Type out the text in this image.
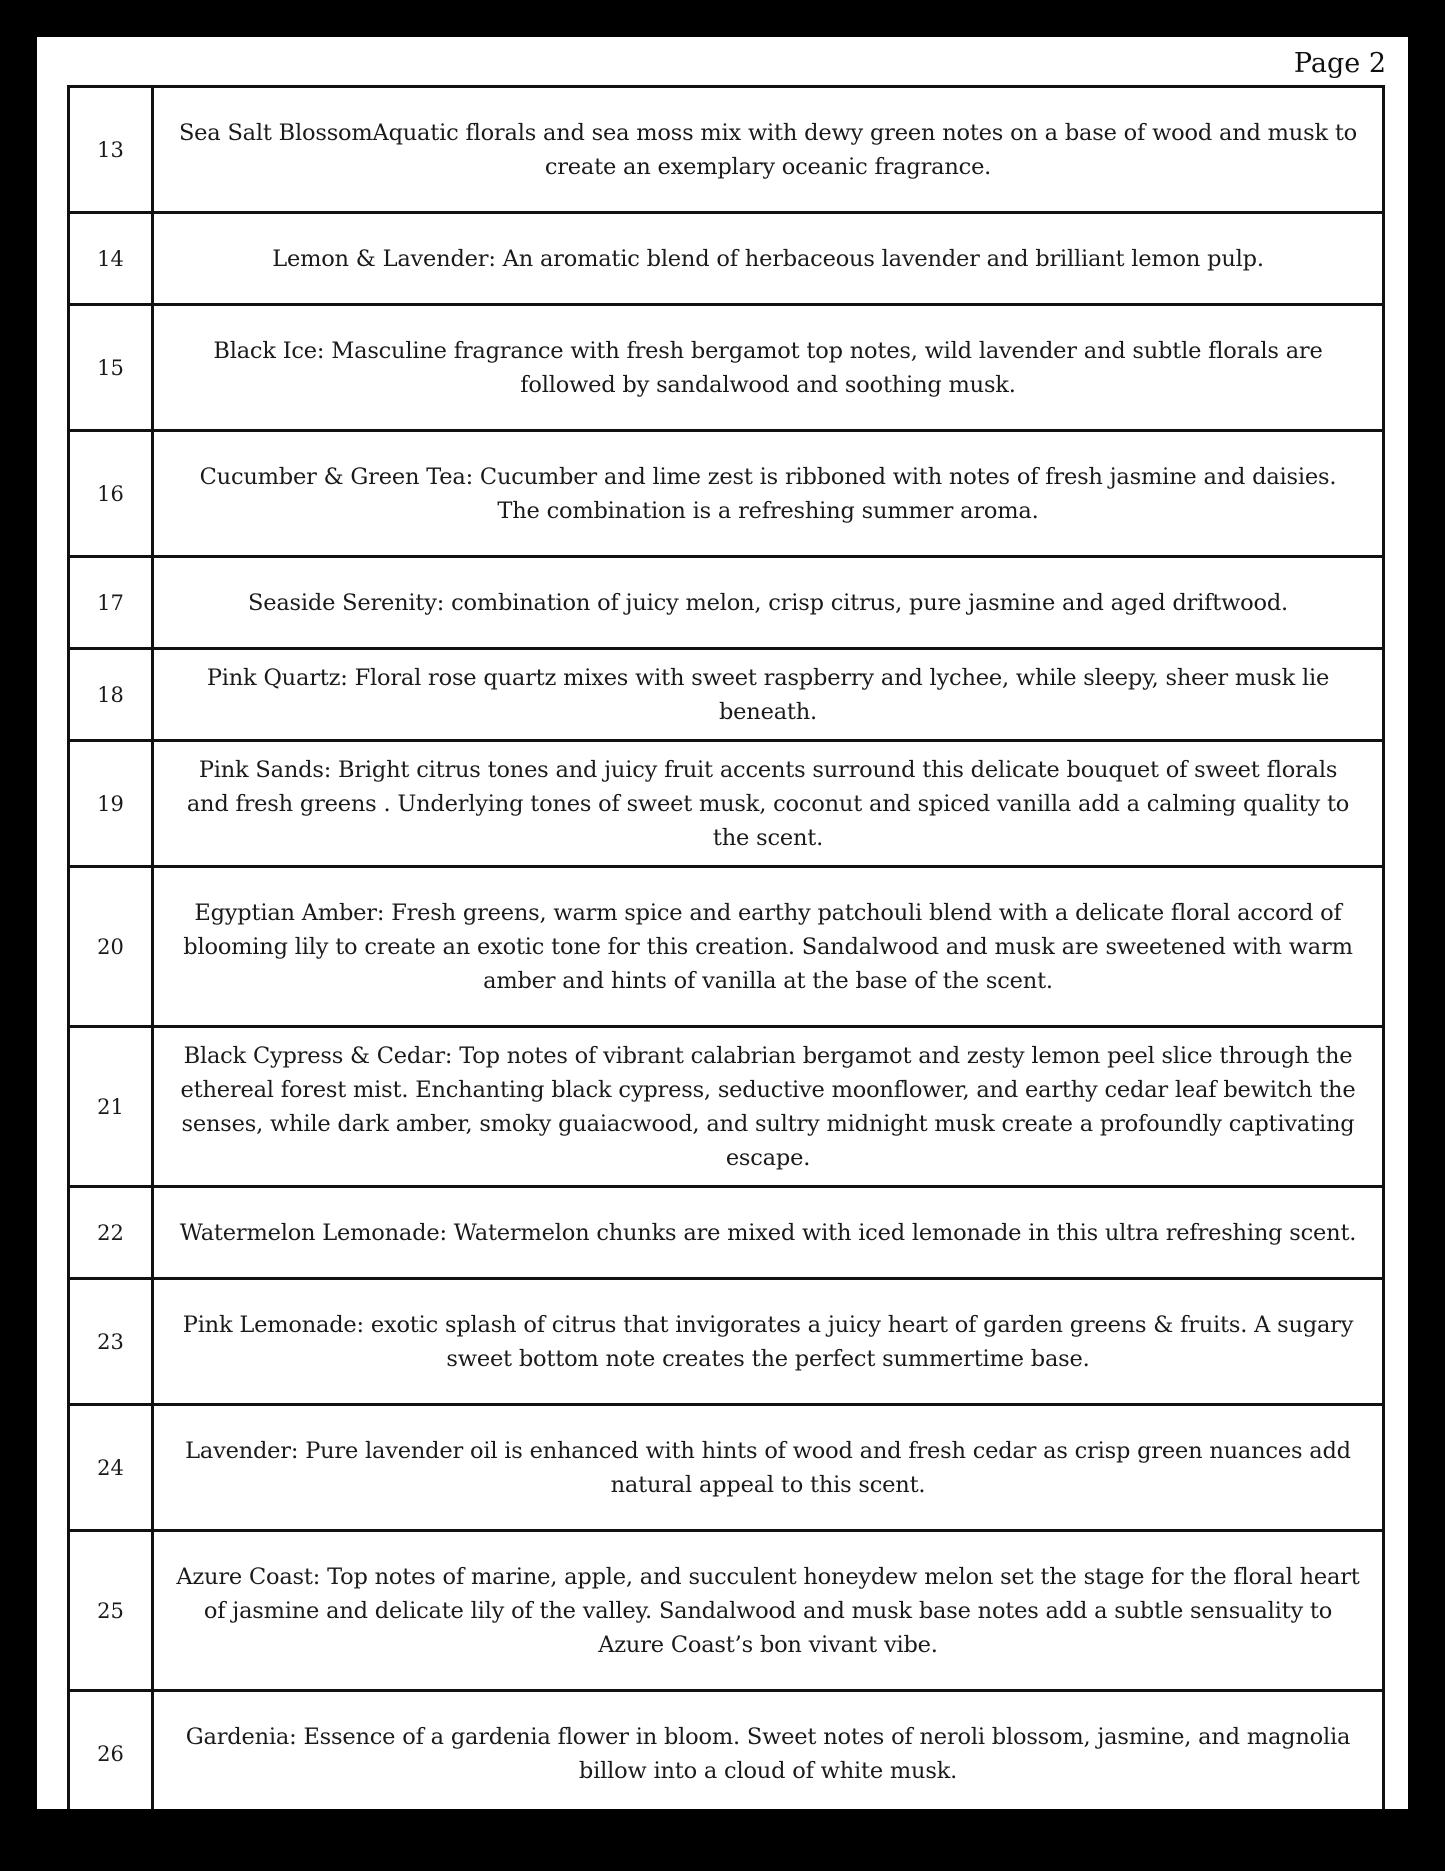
Page 2
13	Sea Salt BlossomAquatic florals and sea moss mix with dewy green notes on a base of wood and musk to create an exemplary oceanic fragrance.
14	Lemon & Lavender: An aromatic blend of herbaceous lavender and brilliant lemon pulp.
15	Black Ice: Masculine fragrance with fresh bergamot top notes, wild lavender and subtle florals are followed by sandalwood and soothing musk.
16	Cucumber & Green Tea: Cucumber and lime zest is ribboned with notes of fresh jasmine and daisies. The combination is a refreshing summer aroma.
17	Seaside Serenity: combination of juicy melon, crisp citrus, pure jasmine and aged driftwood.
18	Pink Quartz: Floral rose quartz mixes with sweet raspberry and lychee, while sleepy, sheer musk lie beneath.
19	Pink Sands: Bright citrus tones and juicy fruit accents surround this delicate bouquet of sweet florals and fresh greens . Underlying tones of sweet musk, coconut and spiced vanilla add a calming quality to the scent.
20	Egyptian Amber: Fresh greens, warm spice and earthy patchouli blend with a delicate floral accord of blooming lily to create an exotic tone for this creation. Sandalwood and musk are sweetened with warm amber and hints of vanilla at the base of the scent.
21	Black Cypress & Cedar: Top notes of vibrant calabrian bergamot and zesty lemon peel slice through the ethereal forest mist. Enchanting black cypress, seductive moonflower, and earthy cedar leaf bewitch the senses, while dark amber, smoky guaiacwood, and sultry midnight musk create a profoundly captivating escape.
22	Watermelon Lemonade: Watermelon chunks are mixed with iced lemonade in this ultra refreshing scent.
23	Pink Lemonade: exotic splash of citrus that invigorates a juicy heart of garden greens & fruits. A sugary sweet bottom note creates the perfect summertime base.
24	Lavender: Pure lavender oil is enhanced with hints of wood and fresh cedar as crisp green nuances add natural appeal to this scent.
25	Azure Coast: Top notes of marine, apple, and succulent honeydew melon set the stage for the floral heart of jasmine and delicate lily of the valley. Sandalwood and musk base notes add a subtle sensuality to Azure Coast’s bon vivant vibe.
26	Gardenia: Essence of a gardenia flower in bloom. Sweet notes of neroli blossom, jasmine, and magnolia billow into a cloud of white musk.
